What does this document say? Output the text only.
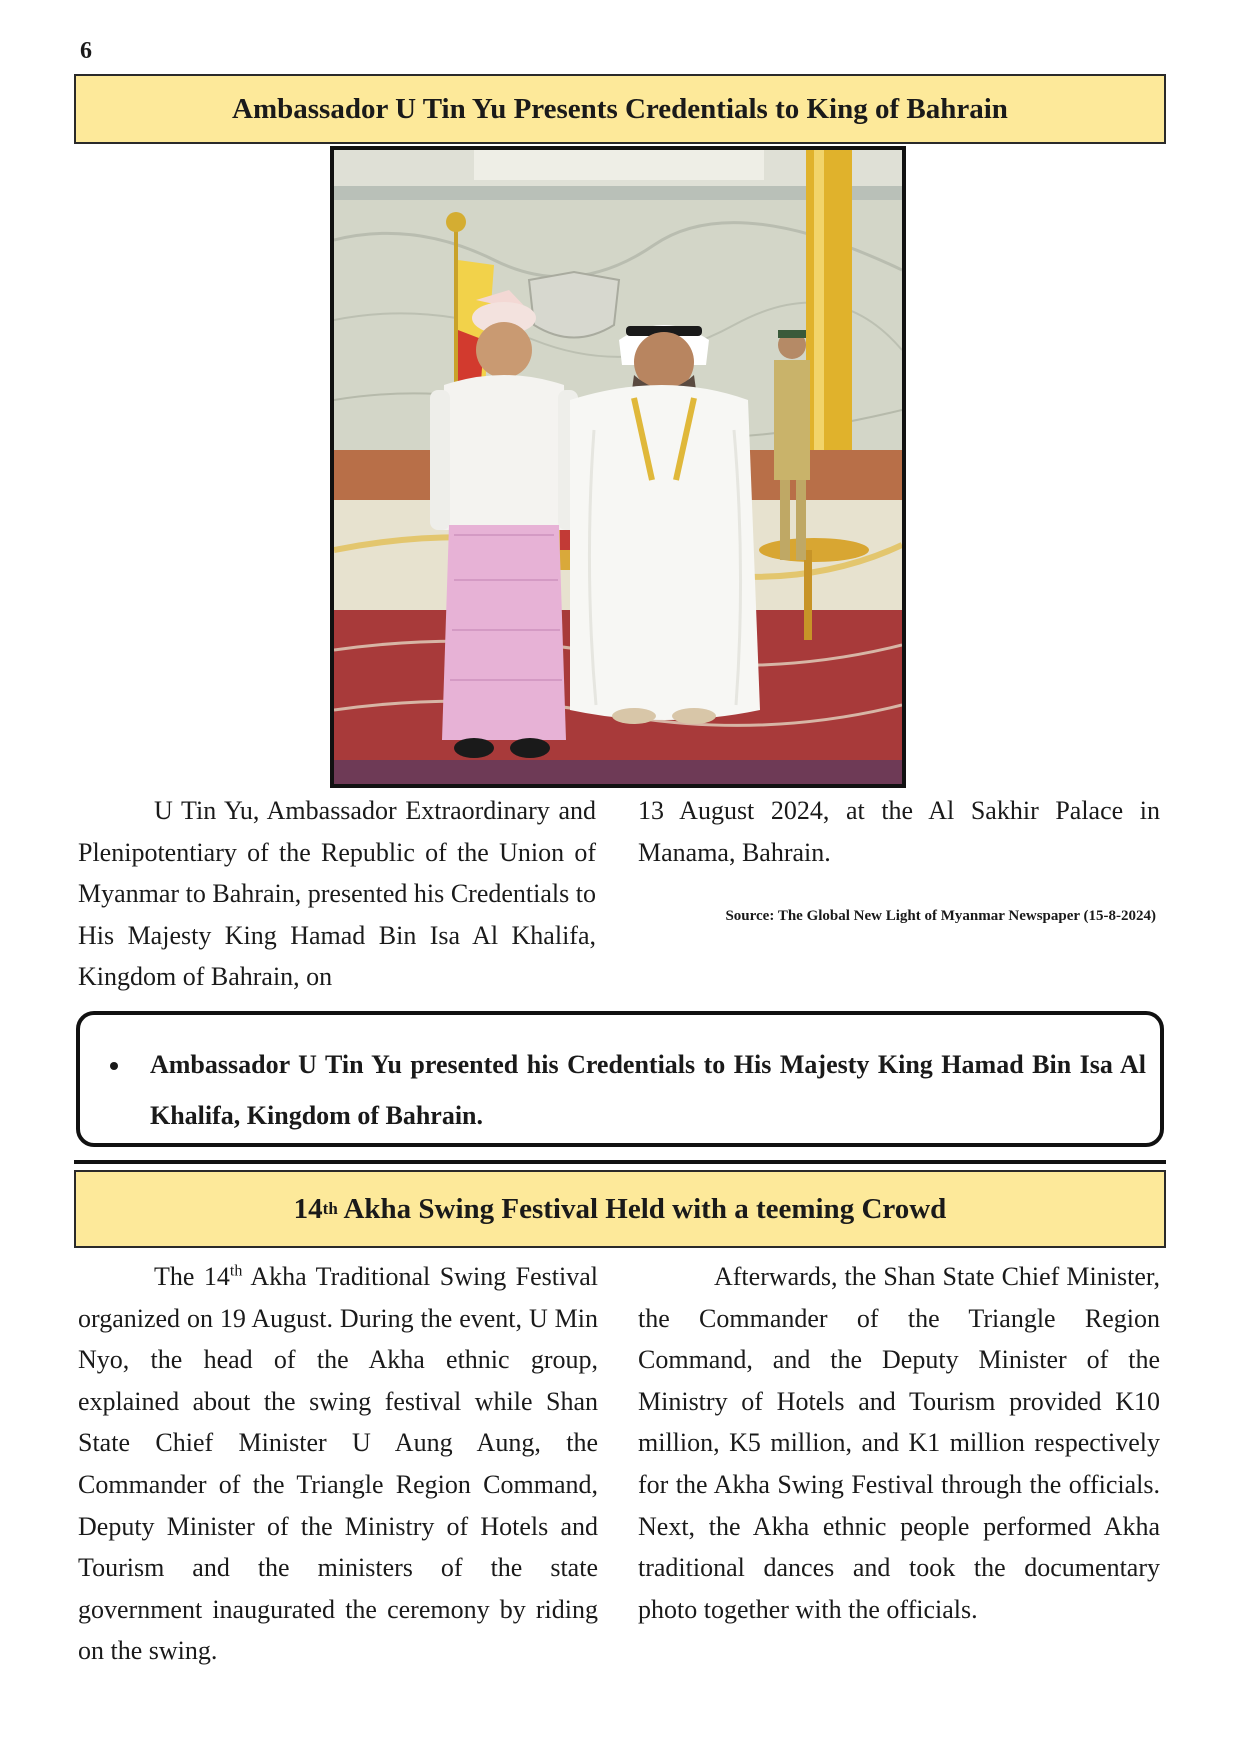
6
Ambassador U Tin Yu Presents Credentials to King of Bahrain

U Tin Yu, Ambassador Extraordinary and Plenipotentiary of the Republic of the Union of Myanmar to Bahrain, presented his Credentials to His Majesty King Hamad Bin Isa Al Khalifa, Kingdom of Bahrain, on

13 August 2024, at the Al Sakhir Palace in Manama, Bahrain.

Source: The Global New Light of Myanmar Newspaper (15-8-2024)
• Ambassador U Tin Yu presented his Credentials to His Majesty King Hamad Bin Isa Al Khalifa, Kingdom of Bahrain.
14 th Akha Swing Festival Held with a teeming Crowd

The 14th Akha Traditional Swing Festival organized on 19 August. During the event, U Min Nyo, the head of the Akha ethnic group, explained about the swing festival while Shan State Chief Minister U Aung Aung, the Commander of the Triangle Region Command, Deputy Minister of the Ministry of Hotels and Tourism and the ministers of the state government inaugurated the ceremony by riding on the swing.

Afterwards, the Shan State Chief Minister, the Commander of the Triangle Region Command, and the Deputy Minister of the Ministry of Hotels and Tourism provided K10 million, K5 million, and K1 million respectively for the Akha Swing Festival through the officials. Next, the Akha ethnic people performed Akha traditional dances and took the documentary photo together with the officials.
